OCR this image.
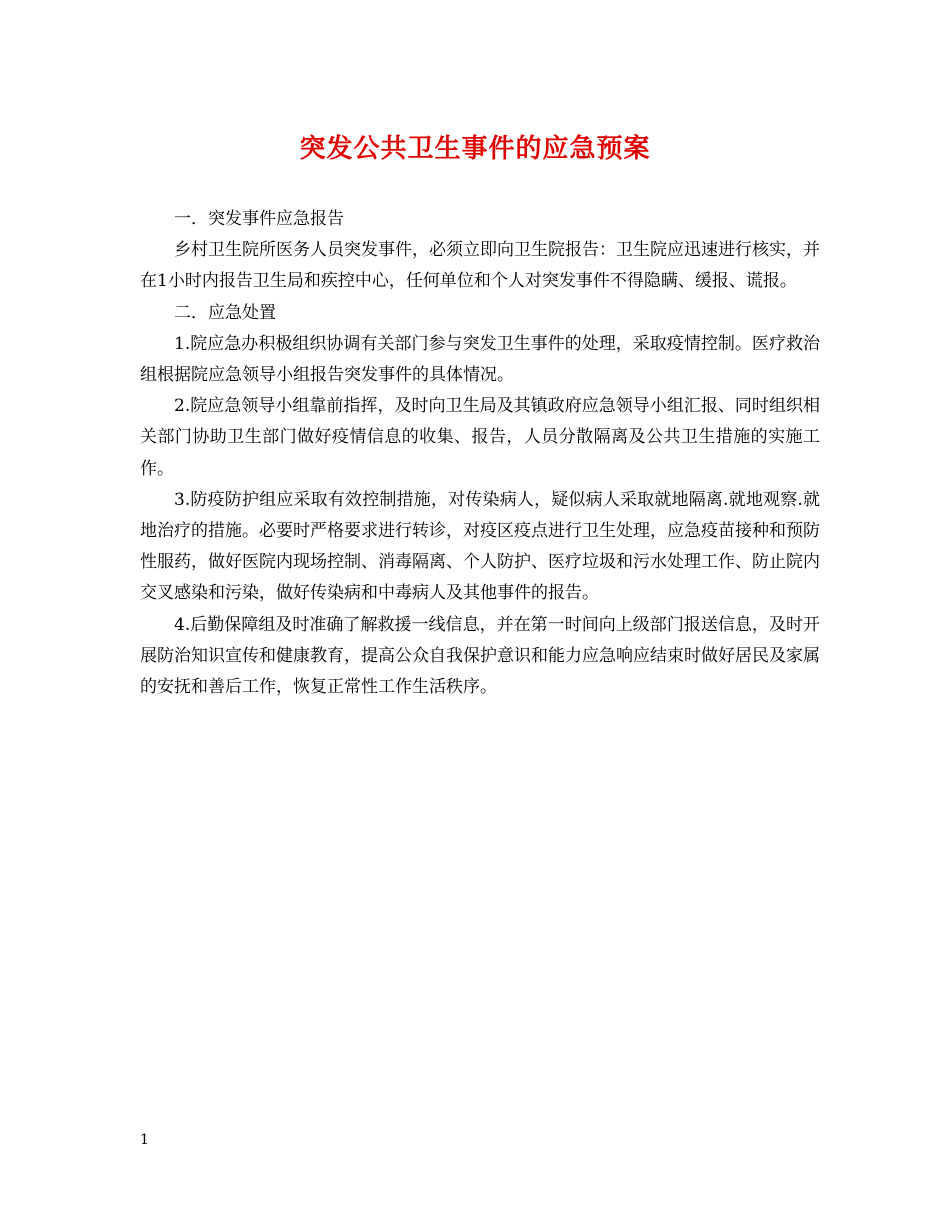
突发公共卫生事件的应急预案

一．突发事件应急报告

乡村卫生院所医务人员突发事件，必须立即向卫生院报告：卫生院应迅速进行核实，并在1小时内报告卫生局和疾控中心，任何单位和个人对突发事件不得隐瞒、缓报、谎报。

二．应急处置

1.院应急办积极组织协调有关部门参与突发卫生事件的处理，采取疫情控制。医疗救治组根据院应急领导小组报告突发事件的具体情况。

2.院应急领导小组靠前指挥，及时向卫生局及其镇政府应急领导小组汇报、同时组织相关部门协助卫生部门做好疫情信息的收集、报告，人员分散隔离及公共卫生措施的实施工作。

3.防疫防护组应采取有效控制措施，对传染病人，疑似病人采取就地隔离.就地观察.就地治疗的措施。必要时严格要求进行转诊，对疫区疫点进行卫生处理，应急疫苗接种和预防性服药，做好医院内现场控制、消毒隔离、个人防护、医疗垃圾和污水处理工作、防止院内交叉感染和污染，做好传染病和中毒病人及其他事件的报告。

4.后勤保障组及时准确了解救援一线信息，并在第一时间向上级部门报送信息，及时开展防治知识宣传和健康教育，提高公众自我保护意识和能力应急响应结束时做好居民及家属的安抚和善后工作，恢复正常性工作生活秩序。

1
